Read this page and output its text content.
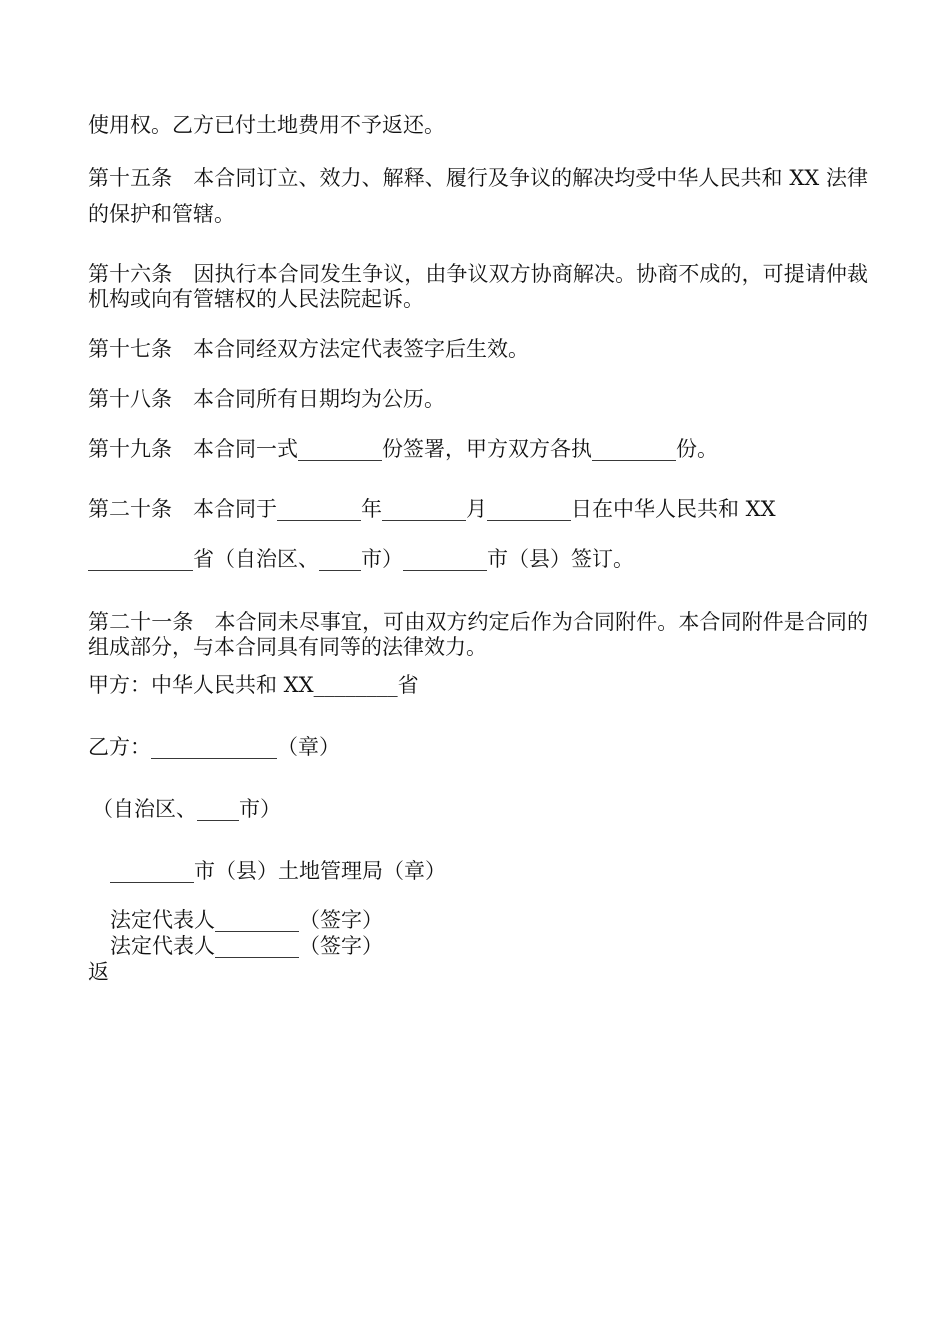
使用权。乙方已付土地费用不予返还。
第十五条　本合同订立、效力、解释、履行及争议的解决均受中华人民共和 XX 法律的保护和管辖。
第十六条　因执行本合同发生争议，由争议双方协商解决。协商不成的，可提请仲裁机构或向有管辖权的人民法院起诉。
第十七条　本合同经双方法定代表签字后生效。
第十八条　本合同所有日期均为公历。
第十九条　本合同一式________份签署，甲方双方各执________份。
第二十条　本合同于________年________月________日在中华人民共和 XX
__________省（自治区、____市）________市（县）签订。
第二十一条　本合同未尽事宜，可由双方约定后作为合同附件。本合同附件是合同的组成部分，与本合同具有同等的法律效力。
甲方：中华人民共和 XX________省
乙方：____________（章）
（自治区、____市）
________市（县）土地管理局（章）
法定代表人________（签字）
法定代表人________（签字）
返
